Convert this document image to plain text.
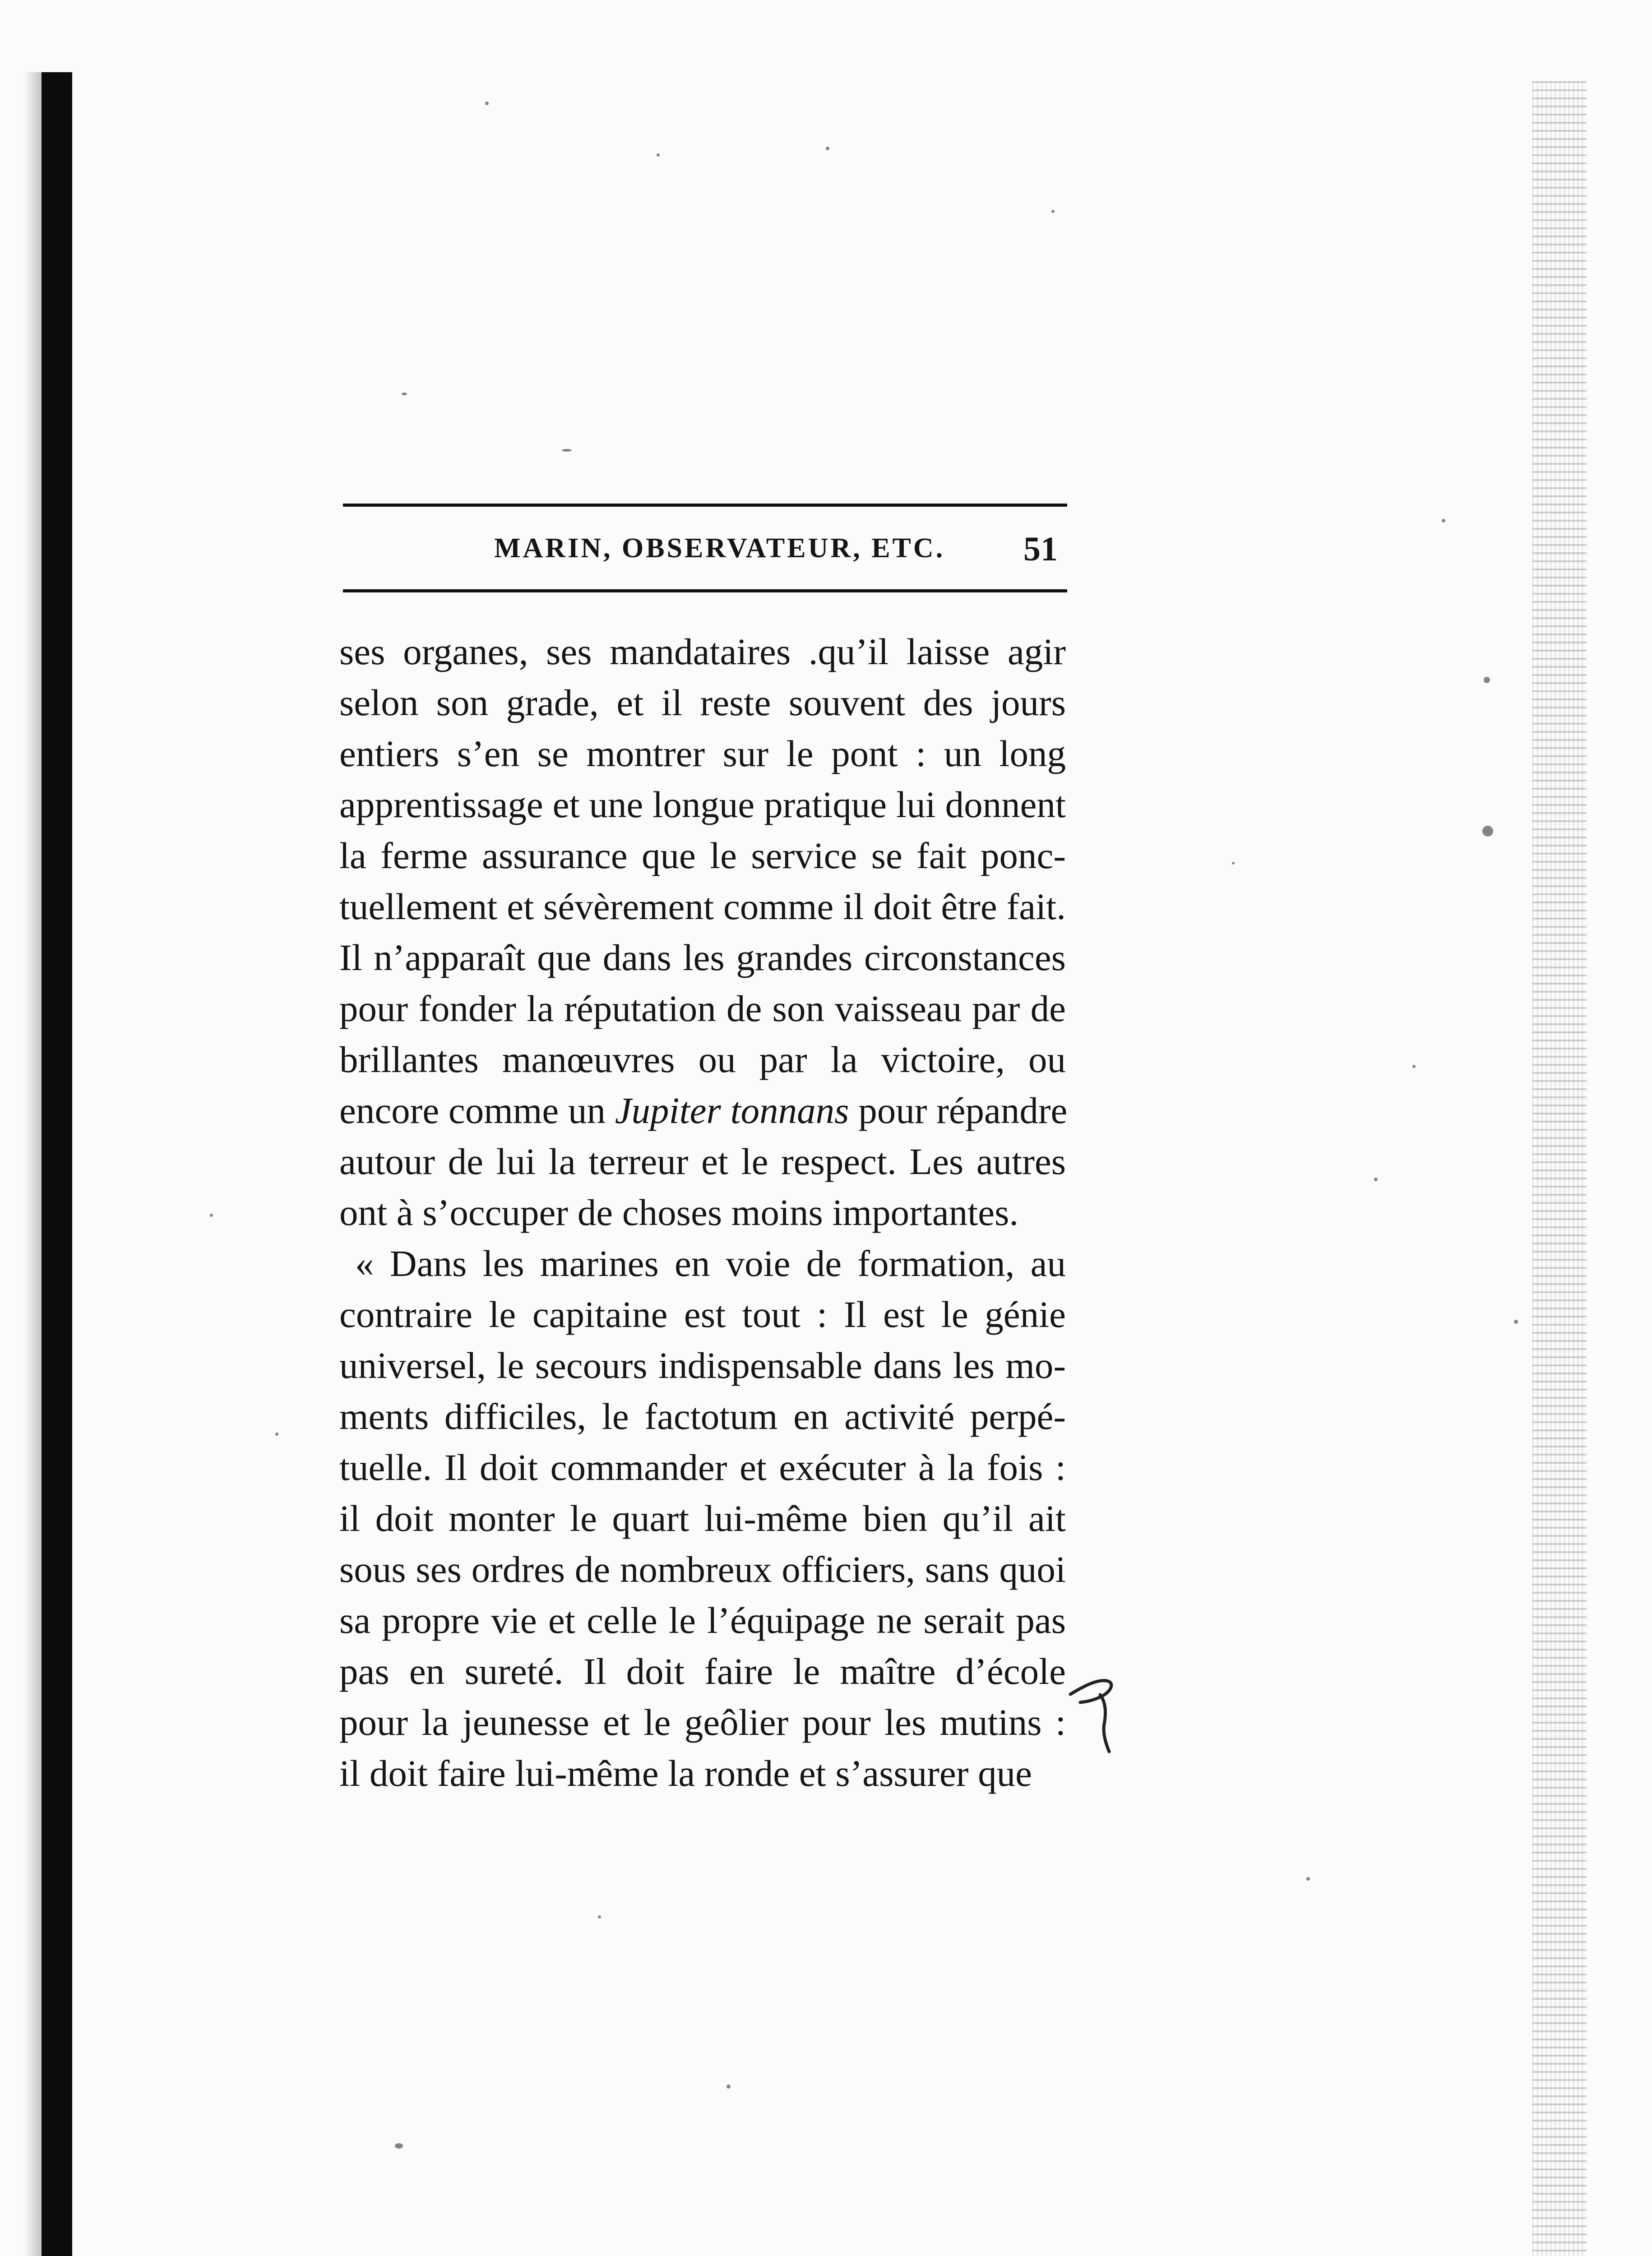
MARIN, OBSERVATEUR, ETC. 51
ses organes, ses mandataires .qu’il laisse agir
selon son grade, et il reste souvent des jours
entiers s’en se montrer sur le pont : un long
apprentissage et une longue pratique lui donnent
la ferme assurance que le service se fait ponc-
tuellement et sévèrement comme il doit être fait.
Il n’apparaît que dans les grandes circonstances
pour fonder la réputation de son vaisseau par de
brillantes manœuvres ou par la victoire, ou
encore comme un Jupiter tonnans pour répandre
autour de lui la terreur et le respect. Les autres
ont à s’occuper de choses moins importantes.
« Dans les marines en voie de formation, au
contraire le capitaine est tout : Il est le génie
universel, le secours indispensable dans les mo-
ments difficiles, le factotum en activité perpé-
tuelle. Il doit commander et exécuter à la fois :
il doit monter le quart lui-même bien qu’il ait
sous ses ordres de nombreux officiers, sans quoi
sa propre vie et celle le l’équipage ne serait pas
pas en sureté. Il doit faire le maître d’école
pour la jeunesse et le geôlier pour les mutins :
il doit faire lui-même la ronde et s’assurer que
